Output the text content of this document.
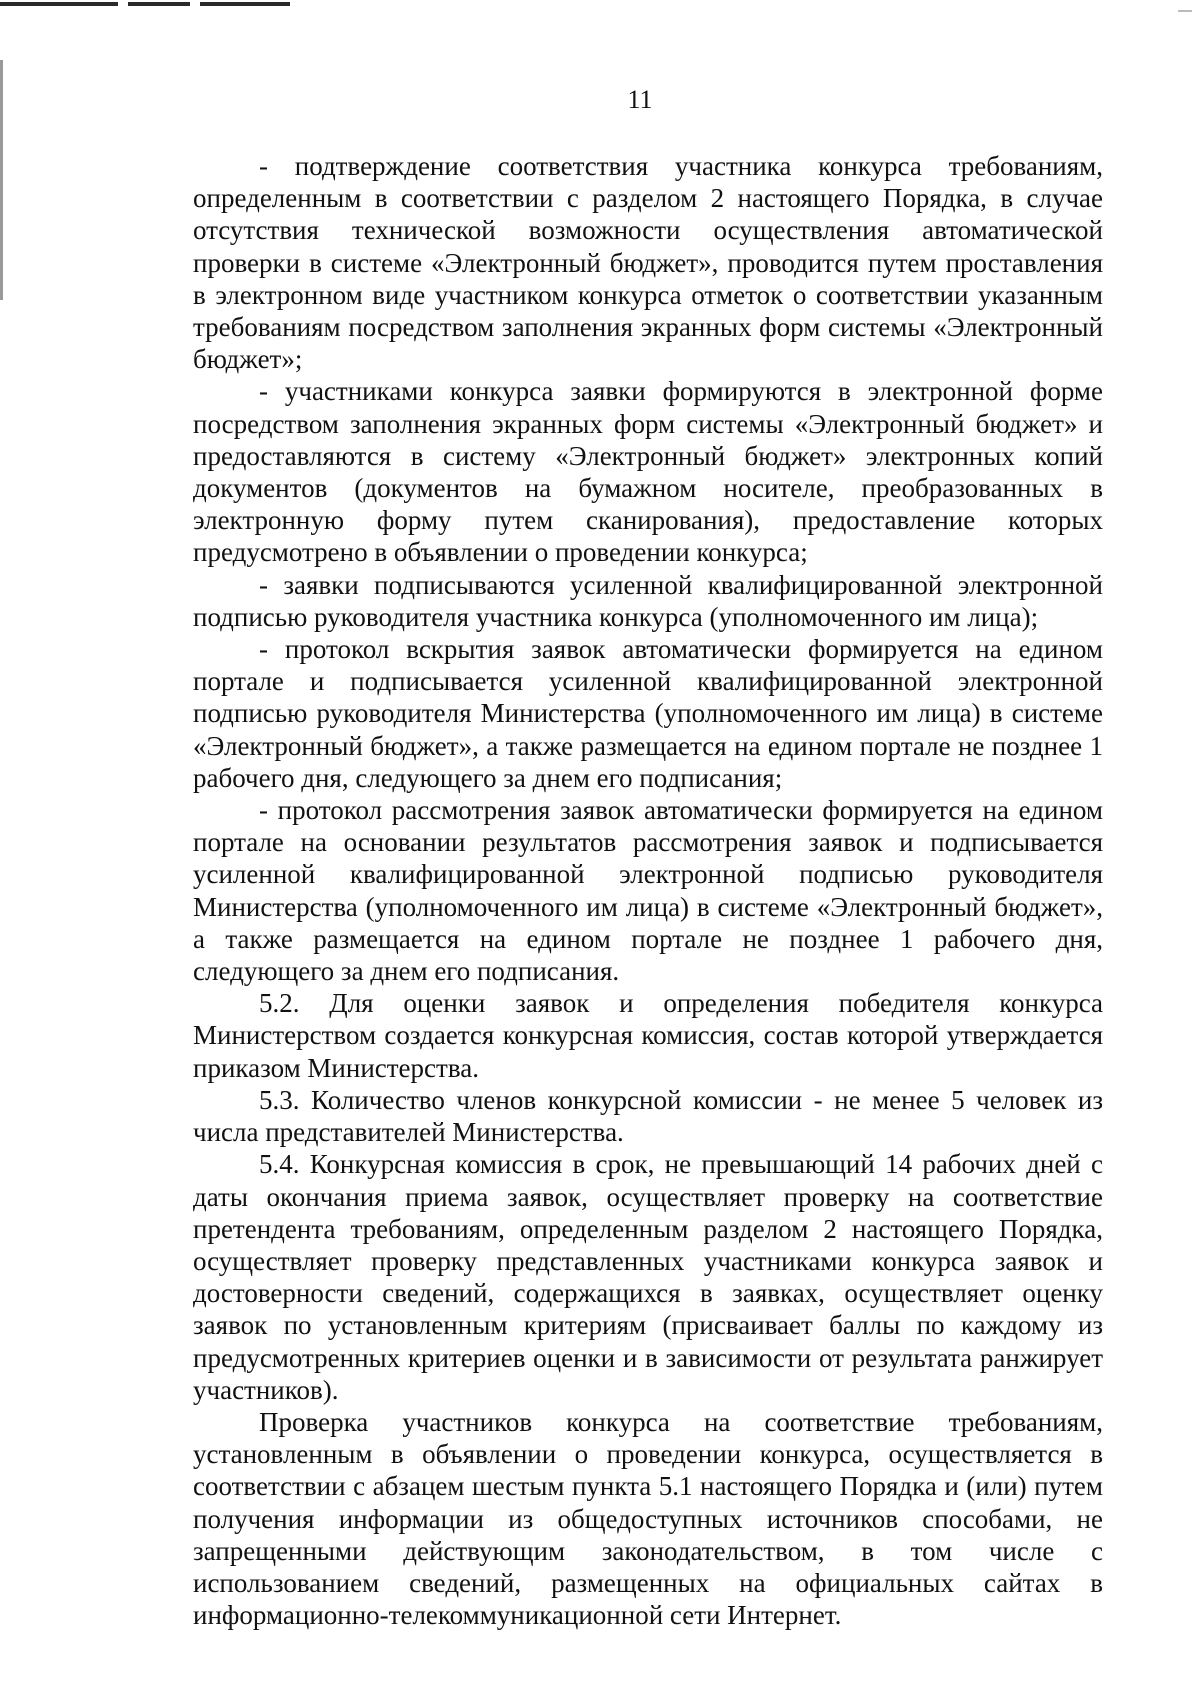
11

- подтверждение соответствия участника конкурса требованиям, определенным в соответствии с разделом 2 настоящего Порядка, в случае отсутствия технической возможности осуществления автоматической проверки в системе «Электронный бюджет», проводится путем проставления в электронном виде участником конкурса отметок о соответствии указанным требованиям посредством заполнения экранных форм системы «Электронный бюджет»;

- участниками конкурса заявки формируются в электронной форме посредством заполнения экранных форм системы «Электронный бюджет» и предоставляются в систему «Электронный бюджет» электронных копий документов (документов на бумажном носителе, преобразованных в электронную форму путем сканирования), предоставление которых предусмотрено в объявлении о проведении конкурса;

- заявки подписываются усиленной квалифицированной электронной подписью руководителя участника конкурса (уполномоченного им лица);

- протокол вскрытия заявок автоматически формируется на едином портале и подписывается усиленной квалифицированной электронной подписью руководителя Министерства (уполномоченного им лица) в системе «Электронный бюджет», а также размещается на едином портале не позднее 1 рабочего дня, следующего за днем его подписания;

- протокол рассмотрения заявок автоматически формируется на едином портале на основании результатов рассмотрения заявок и подписывается усиленной квалифицированной электронной подписью руководителя Министерства (уполномоченного им лица) в системе «Электронный бюджет», а также размещается на едином портале не позднее 1 рабочего дня, следующего за днем его подписания.

5.2. Для оценки заявок и определения победителя конкурса Министерством создается конкурсная комиссия, состав которой утверждается приказом Министерства.

5.3. Количество членов конкурсной комиссии - не менее 5 человек из числа представителей Министерства.

5.4. Конкурсная комиссия в срок, не превышающий 14 рабочих дней с даты окончания приема заявок, осуществляет проверку на соответствие претендента требованиям, определенным разделом 2 настоящего Порядка, осуществляет проверку представленных участниками конкурса заявок и достоверности сведений, содержащихся в заявках, осуществляет оценку заявок по установленным критериям (присваивает баллы по каждому из предусмотренных критериев оценки и в зависимости от результата ранжирует участников).

Проверка участников конкурса на соответствие требованиям, установленным в объявлении о проведении конкурса, осуществляется в соответствии с абзацем шестым пункта 5.1 настоящего Порядка и (или) путем получения информации из общедоступных источников способами, не запрещенными действующим законодательством, в том числе с использованием сведений, размещенных на официальных сайтах в информационно-телекоммуникационной сети Интернет.
